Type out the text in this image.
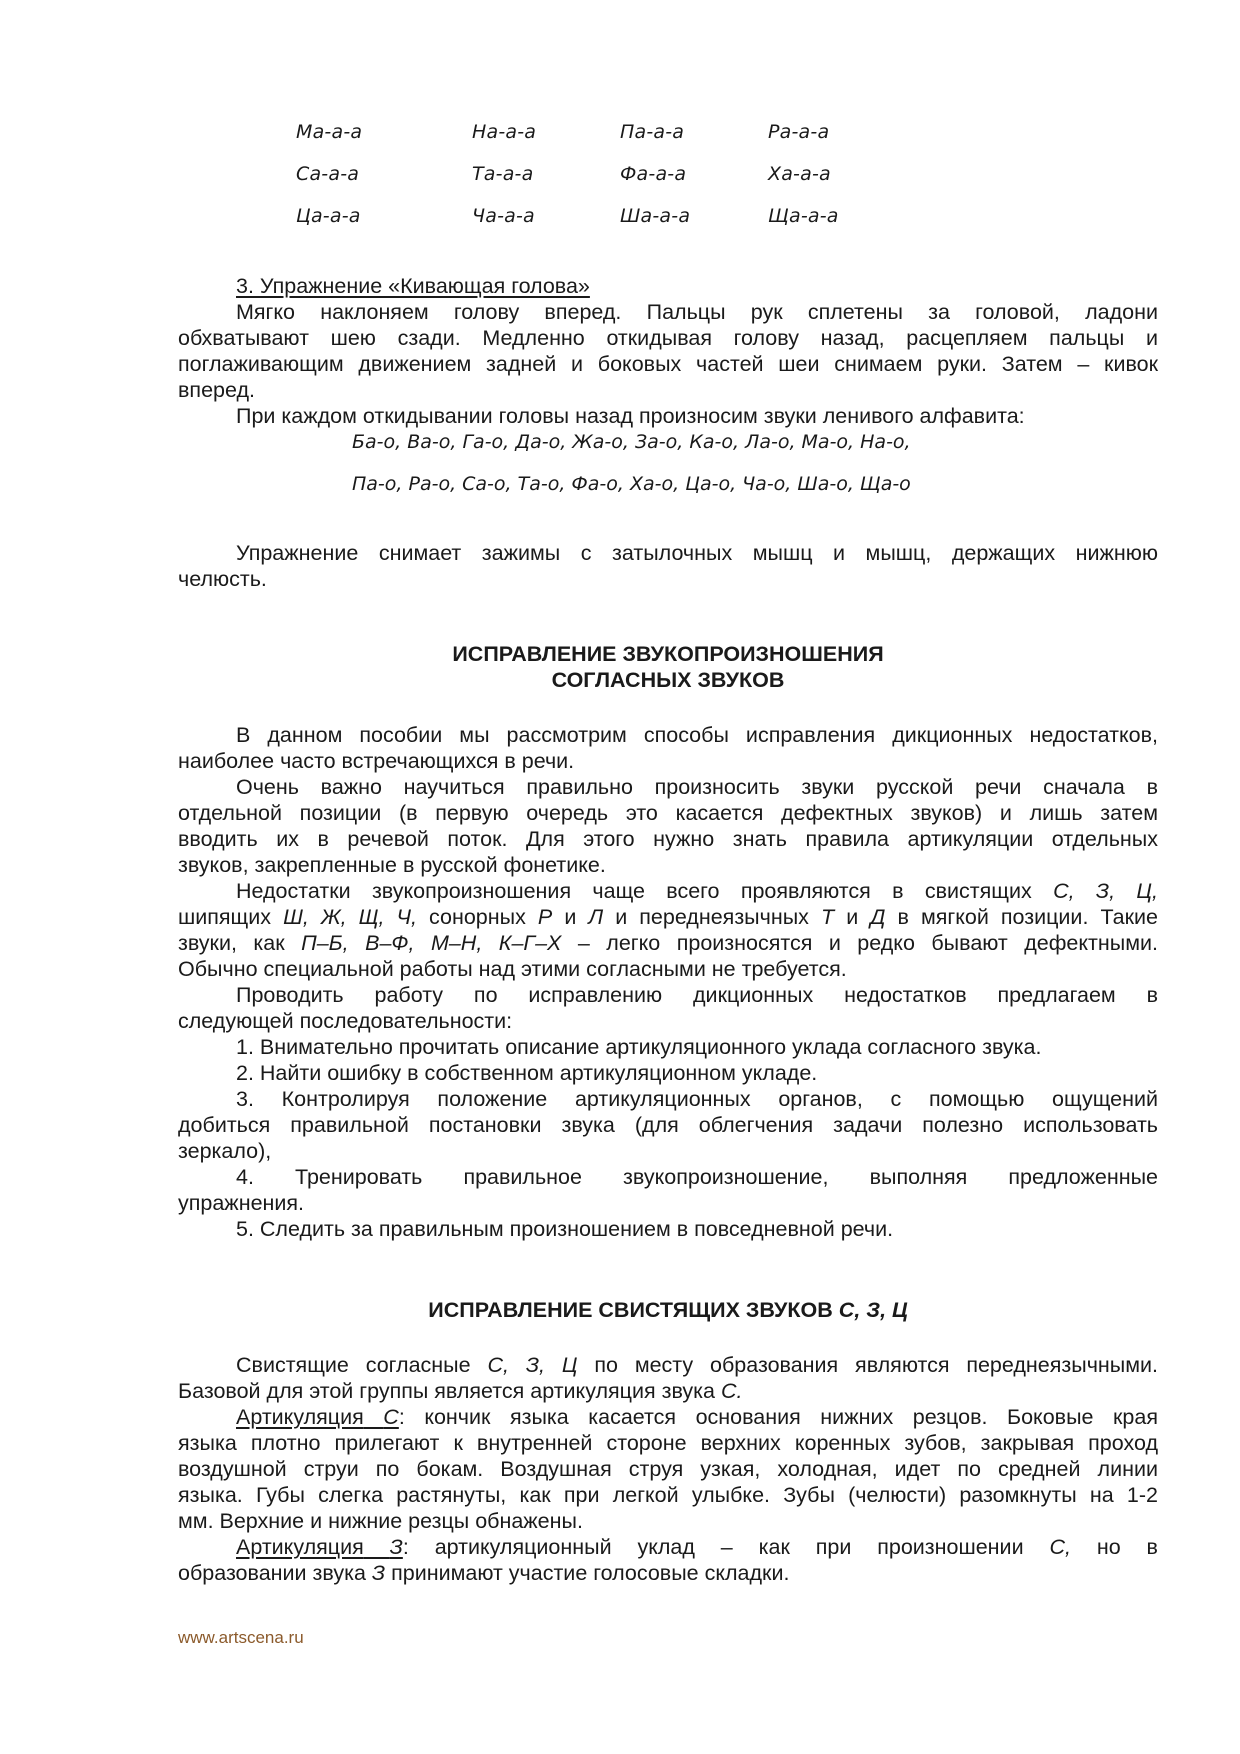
Ма-а-а	На-а-а	Па-а-а	Ра-а-а
Са-а-а	Та-а-а	Фа-а-а	Ха-а-а
Ца-а-а	Ча-а-а	Ша-а-а	Ща-а-а
3. Упражнение «Кивающая голова»
Мягко наклоняем голову вперед. Пальцы рук сплетены за головой, ладони
обхватывают шею сзади. Медленно откидывая голову назад, расцепляем пальцы и
поглаживающим движением задней и боковых частей шеи снимаем руки. Затем – кивок
вперед.
При каждом откидывании головы назад произносим звуки ленивого алфавита:
Ба-о, Ва-о, Га-о, Да-о, Жа-о, За-о, Ка-о, Ла-о, Ма-о, На-о,
Па-о, Ра-о, Са-о, Та-о, Фа-о, Ха-о, Ца-о, Ча-о, Ша-о, Ща-о
Упражнение снимает зажимы с затылочных мышц и мышц, держащих нижнюю
челюсть.
ИСПРАВЛЕНИЕ ЗВУКОПРОИЗНОШЕНИЯ
СОГЛАСНЫХ ЗВУКОВ
В данном пособии мы рассмотрим способы исправления дикционных недостатков,
наиболее часто встречающихся в речи.
Очень важно научиться правильно произносить звуки русской речи сначала в
отдельной позиции (в первую очередь это касается дефектных звуков) и лишь затем
вводить их в речевой поток. Для этого нужно знать правила артикуляции отдельных
звуков, закрепленные в русской фонетике.
Недостатки звукопроизношения чаще всего проявляются в свистящих С, З, Ц,
шипящих Ш, Ж, Щ, Ч, сонорных Р и Л и переднеязычных Т и Д в мягкой позиции. Такие
звуки, как П–Б, В–Ф, М–Н, К–Г–Х – легко произносятся и редко бывают дефектными.
Обычно специальной работы над этими согласными не требуется.
Проводить работу по исправлению дикционных недостатков предлагаем в
следующей последовательности:
1. Внимательно прочитать описание артикуляционного уклада согласного звука.
2. Найти ошибку в собственном артикуляционном укладе.
3. Контролируя положение артикуляционных органов, с помощью ощущений
добиться правильной постановки звука (для облегчения задачи полезно использовать
зеркало),
4. Тренировать правильное звукопроизношение, выполняя предложенные
упражнения.
5. Следить за правильным произношением в повседневной речи.
ИСПРАВЛЕНИЕ СВИСТЯЩИХ ЗВУКОВ С, З, Ц
Свистящие согласные С, З, Ц по месту образования являются переднеязычными.
Базовой для этой группы является артикуляция звука С.
Артикуляция С: кончик языка касается основания нижних резцов. Боковые края
языка плотно прилегают к внутренней стороне верхних коренных зубов, закрывая проход
воздушной струи по бокам. Воздушная струя узкая, холодная, идет по средней линии
языка. Губы слегка растянуты, как при легкой улыбке. Зубы (челюсти) разомкнуты на 1-2
мм. Верхние и нижние резцы обнажены.
Артикуляция З: артикуляционный уклад – как при произношении С, но в
образовании звука З принимают участие голосовые складки.
www.artscena.ru
